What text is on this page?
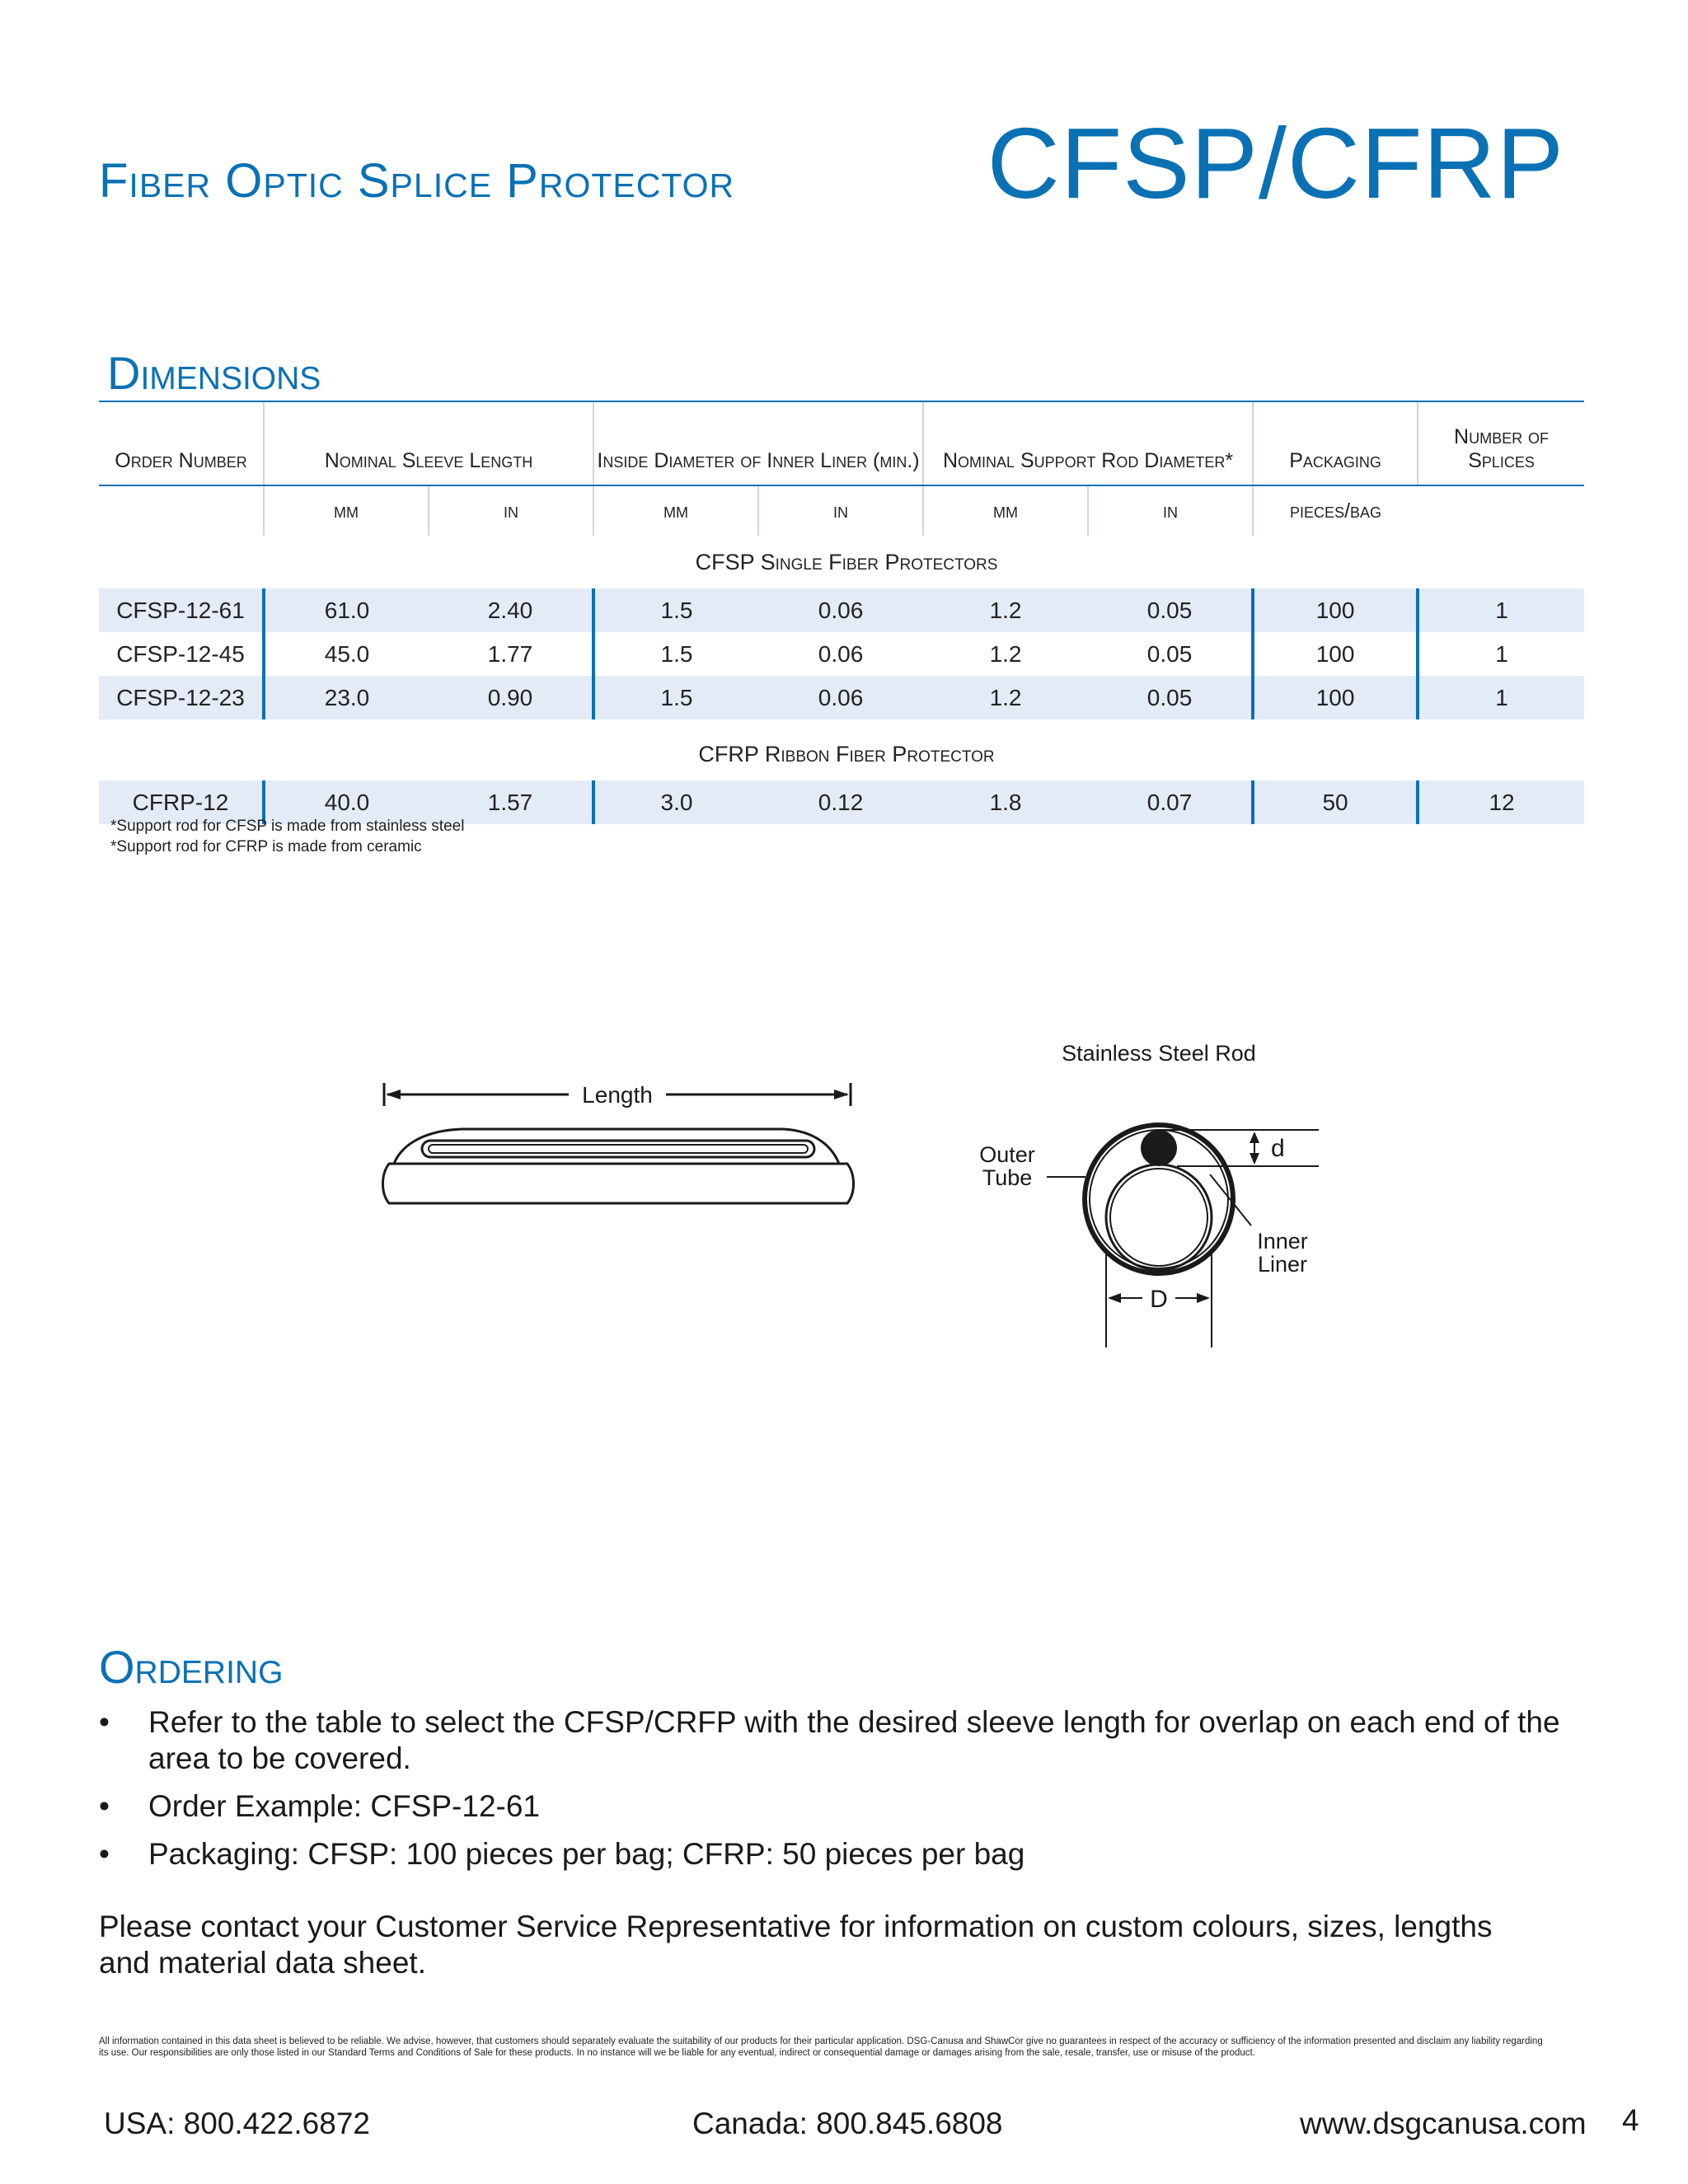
Fiber Optic Splice Protector	CFSP/CFRP
Dimensions
Order Number	Nominal Sleeve Length		Inside Diameter of Inner Liner (min.)		Nominal Support Rod Diameter*		Packaging	Number of Splices
	mm	in	mm	in	mm	in	pieces/bag	
CFSP Single Fiber Protectors								
CFSP-12-61	61.0	2.40	1.5	0.06	1.2	0.05	100	1
CFSP-12-45	45.0	1.77	1.5	0.06	1.2	0.05	100	1
CFSP-12-23	23.0	0.90	1.5	0.06	1.2	0.05	100	1

CFRP Ribbon Fiber Protector								
CFRP-12	40.0	1.57	3.0	0.12	1.8	0.07	50	12
*Support rod for CFSP is made from stainless steel
*Support rod for CFRP is made from ceramic
Length
Stainless Steel Rod
d
Outer
Tube
Inner
Liner
D
Ordering
• Refer to the table to select the CFSP/CRFP with the desired sleeve length for overlap on each end of the area to be covered.
• Order Example: CFSP-12-61
• Packaging: CFSP: 100 pieces per bag; CFRP: 50 pieces per bag
Please contact your Customer Service Representative for information on custom colours, sizes, lengths and material data sheet.
All information contained in this data sheet is believed to be reliable. We advise, however, that customers should separately evaluate the suitability of our products for their particular application. DSG-Canusa and ShawCor give no guarantees in respect of the accuracy or sufficiency of the information presented and disclaim any liability regarding its use. Our responsibilities are only those listed in our Standard Terms and Conditions of Sale for these products. In no instance will we be liable for any eventual, indirect or consequential damage or damages arising from the sale, resale, transfer, use or misuse of the product.
USA: 800.422.6872	Canada: 800.845.6808	www.dsgcanusa.com 4
